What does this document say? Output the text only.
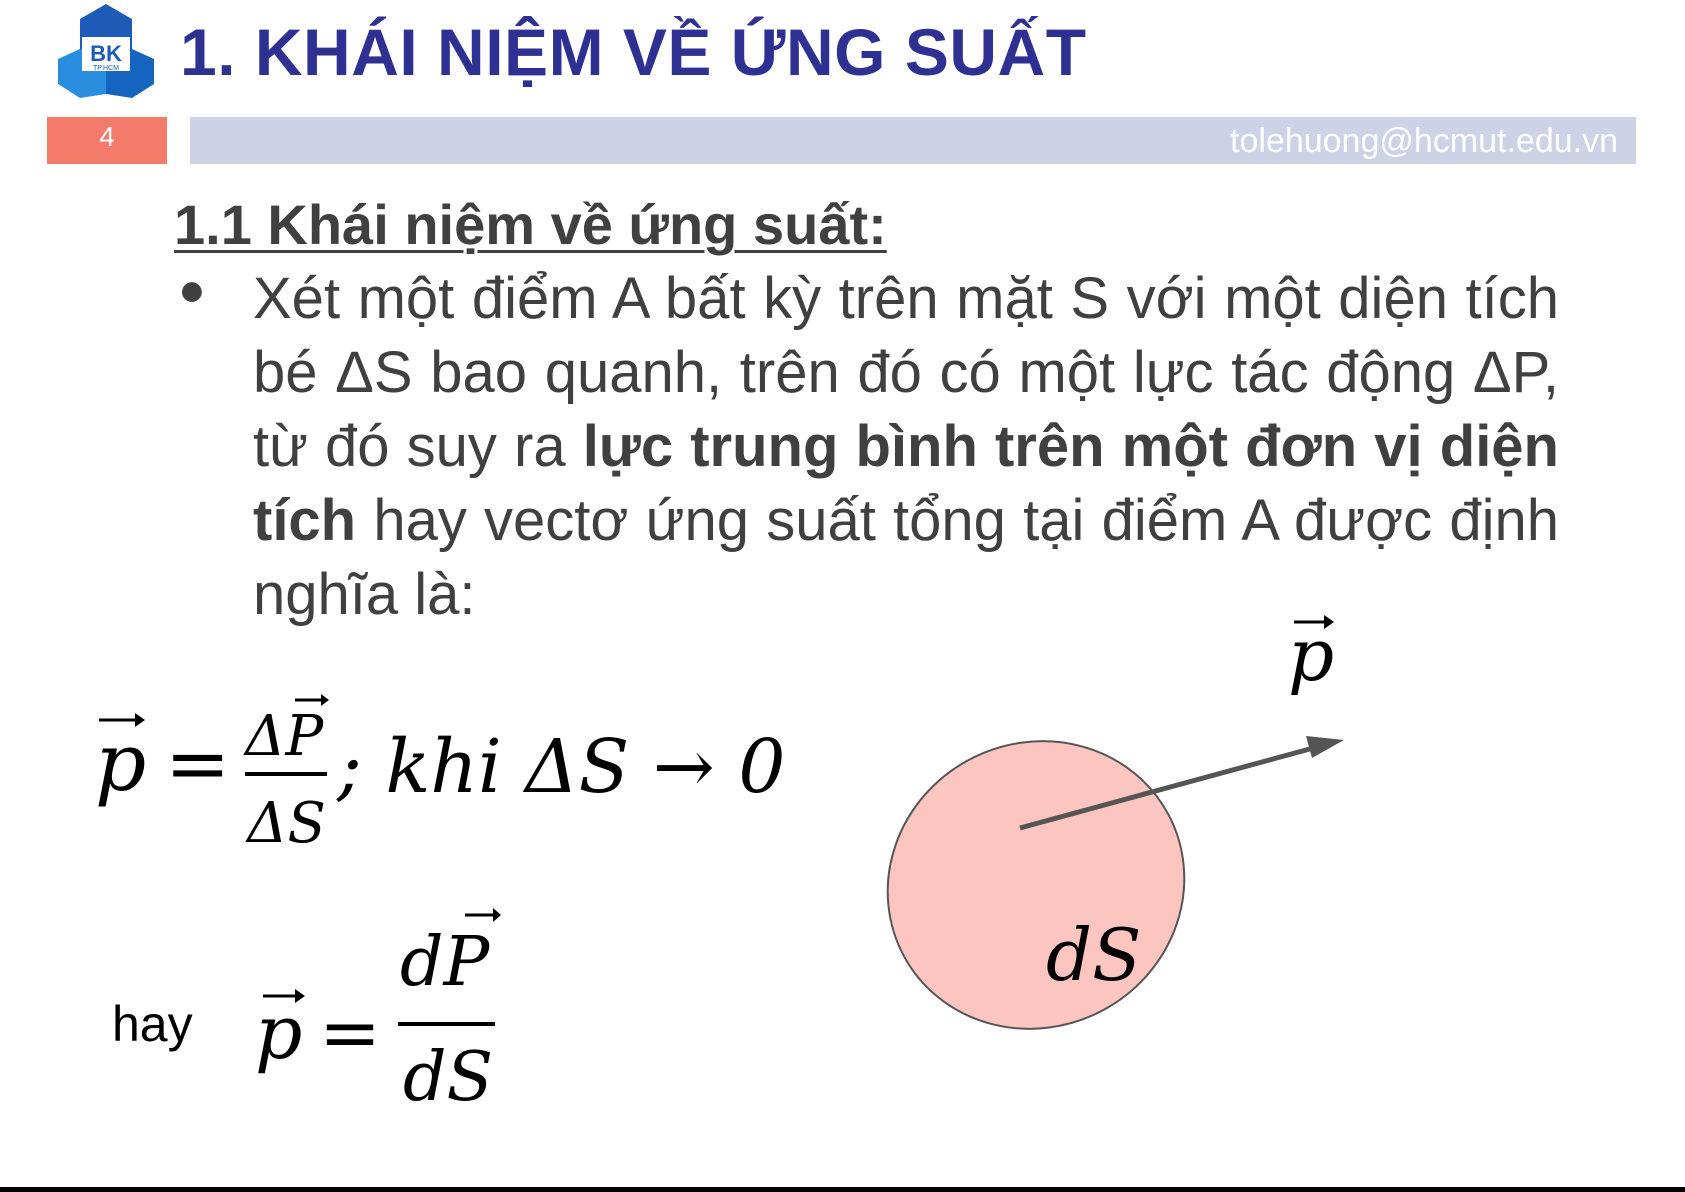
BK
TP.HCM 1. KHÁI NIỆM VỀ ỨNG SUẤT
4	tolehuong@hcmut.edu.vn
1.1 Khái niệm về ứng suất:
● Xét một điểm A bất kỳ trên mặt S với một diện tích bé ΔS bao quanh, trên đó có một lực tác động ΔP, từ đó suy ra lực trung bình trên một đơn vị diện tích hay vectơ ứng suất tổng tại điểm A được định nghĩa là:

p = ΔP
ΔS
; khi ΔS → 0
hay p =
dP
dS
p
dS
